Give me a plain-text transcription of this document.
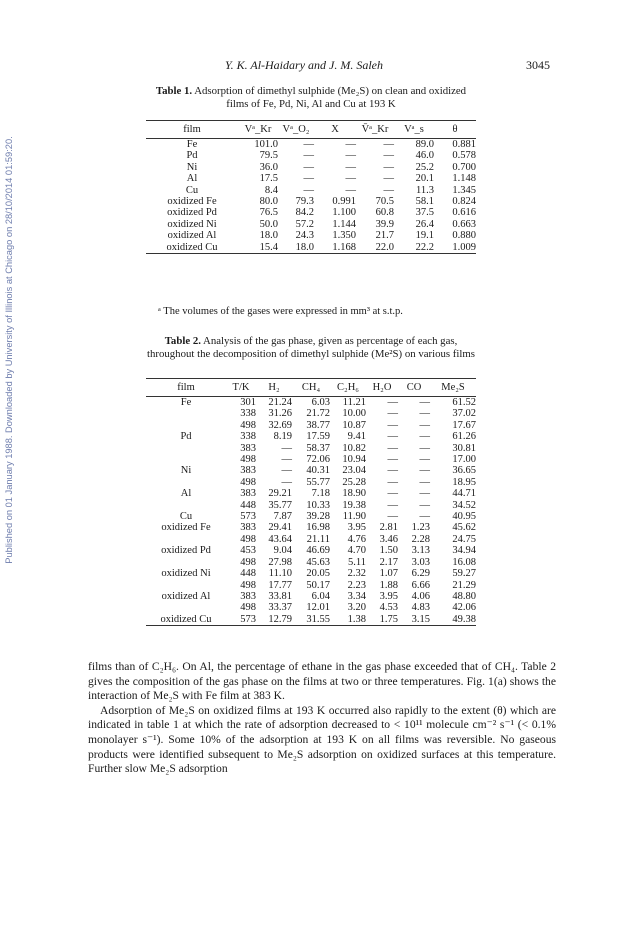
Published on 01 January 1988. Downloaded by University of Illinois at Chicago on 28/10/2014 01:59:20.
Y. K. Al-Haidary and J. M. Saleh	3045
Table 1. Adsorption of dimethyl sulphide (Me₂S) on clean and oxidized films of Fe, Pd, Ni, Al and Cu at 193 K
film	Vᵃ_Kr	Vᵃ_O₂	X	V̄ᵃ_Kr	Vᵃ_s	θ
Fe	101.0	—	—	—	89.0	0.881
Pd	79.5	—	—	—	46.0	0.578
Ni	36.0	—	—	—	25.2	0.700
Al	17.5	—	—	—	20.1	1.148
Cu	8.4	—	—	—	11.3	1.345
oxidized Fe	80.0	79.3	0.991	70.5	58.1	0.824
oxidized Pd	76.5	84.2	1.100	60.8	37.5	0.616
oxidized Ni	50.0	57.2	1.144	39.9	26.4	0.663
oxidized Al	18.0	24.3	1.350	21.7	19.1	0.880
oxidized Cu	15.4	18.0	1.168	22.0	22.2	1.009
ᵃ The volumes of the gases were expressed in mm³ at s.t.p.
Table 2. Analysis of the gas phase, given as percentage of each gas, throughout the decomposition of dimethyl sulphide (Me²S) on various films
film	T/K	H₂	CH₄	C₂H₆	H₂O	CO	Me₂S
Fe	301	21.24	6.03	11.21	—	—	61.52
	338	31.26	21.72	10.00	—	—	37.02
	498	32.69	38.77	10.87	—	—	17.67
Pd	338	8.19	17.59	9.41	—	—	61.26
	383	—	58.37	10.82	—	—	30.81
	498	—	72.06	10.94	—	—	17.00
Ni	383	—	40.31	23.04	—	—	36.65
	498	—	55.77	25.28	—	—	18.95
Al	383	29.21	7.18	18.90	—	—	44.71
	448	35.77	10.33	19.38	—	—	34.52
Cu	573	7.87	39.28	11.90	—	—	40.95
oxidized Fe	383	29.41	16.98	3.95	2.81	1.23	45.62
	498	43.64	21.11	4.76	3.46	2.28	24.75
oxidized Pd	453	9.04	46.69	4.70	1.50	3.13	34.94
	498	27.98	45.63	5.11	2.17	3.03	16.08
oxidized Ni	448	11.10	20.05	2.32	1.07	6.29	59.27
	498	17.77	50.17	2.23	1.88	6.66	21.29
oxidized Al	383	33.81	6.04	3.34	3.95	4.06	48.80
	498	33.37	12.01	3.20	4.53	4.83	42.06
oxidized Cu	573	12.79	31.55	1.38	1.75	3.15	49.38

films than of C₂H₆. On Al, the percentage of ethane in the gas phase exceeded that of CH₄. Table 2 gives the composition of the gas phase on the films at two or three temperatures. Fig. 1(a) shows the interaction of Me₂S with Fe film at 383 K.

Adsorption of Me₂S on oxidized films at 193 K occurred also rapidly to the extent (θ) which are indicated in table 1 at which the rate of adsorption decreased to < 10¹¹ molecule cm⁻² s⁻¹ (< 0.1% monolayer s⁻¹). Some 10% of the adsorption at 193 K on all films was reversible. No gaseous products were identified subsequent to Me₂S adsorption on oxidized surfaces at this temperature. Further slow Me₂S adsorption
